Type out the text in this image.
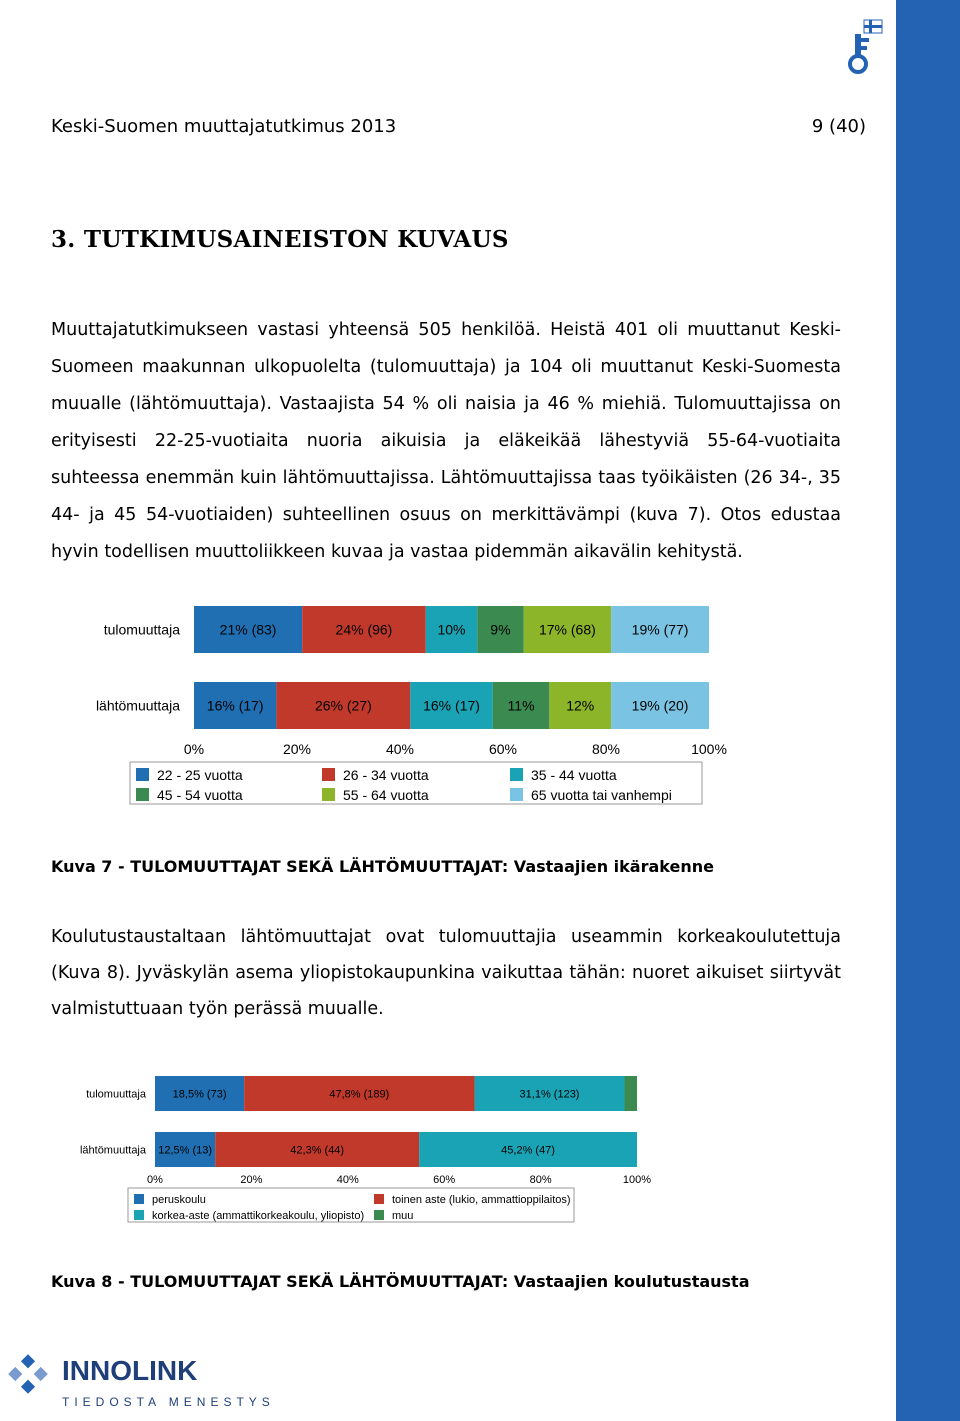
Keski-Suomen muuttajatutkimus 2013	9 (40)
3. TUTKIMUSAINEISTON KUVAUS
Muuttajatutkimukseen vastasi yhteensä 505 henkilöä. Heistä 401 oli muuttanut Keski-Suomeen maakunnan ulkopuolelta (tulomuuttaja) ja 104 oli muuttanut Keski-Suomesta muualle (lähtömuuttaja). Vastaajista 54 % oli naisia ja 46 % miehiä. Tulomuuttajissa on erityisesti 22-25-vuotiaita nuoria aikuisia ja eläkeikää lähestyviä 55-64-vuotiaita suhteessa enemmän kuin lähtömuuttajissa. Lähtömuuttajissa taas työikäisten (26 34-, 35 44- ja 45 54-vuotiaiden) suhteellinen osuus on merkittävämpi (kuva 7). Otos edustaa hyvin todellisen muuttoliikkeen kuvaa ja vastaa pidemmän aikavälin kehitystä.
tulomuuttaja	21% (83)	24% (96)	10% 9% 17% (68)	19% (77)
lähtömuuttaja 16% (17)	26% (27)	16% (17) 11% 12%	19% (20)
0%	20%	40%	60%	80%	100%
22 - 25 vuotta	26 - 34 vuotta	35 - 44 vuotta
45 - 54 vuotta	55 - 64 vuotta	65 vuotta tai vanhempi
Kuva 7 - TULOMUUTTAJAT SEKÄ LÄHTÖMUUTTAJAT: Vastaajien ikärakenne
Koulutustaustaltaan lähtömuuttajat ovat tulomuuttajia useammin korkeakoulutettuja (Kuva 8). Jyväskylän asema yliopistokaupunkina vaikuttaa tähän: nuoret aikuiset siirtyvät valmistuttuaan työn perässä muualle.
tulomuuttaja 18,5% (73)	47,8% (189)	31,1% (123)
lähtömuuttaja 12,5% (13)	42,3% (44)	45,2% (47)
0%	20%	40%	60%	80%	100%
peruskoulu	toinen aste (lukio, ammattioppilaitos)
korkea-aste (ammattikorkeakoulu, yliopisto)	muu
Kuva 8 - TULOMUUTTAJAT SEKÄ LÄHTÖMUUTTAJAT: Vastaajien koulutustausta
INNOLINK
TIEDOSTA MENESTYS
